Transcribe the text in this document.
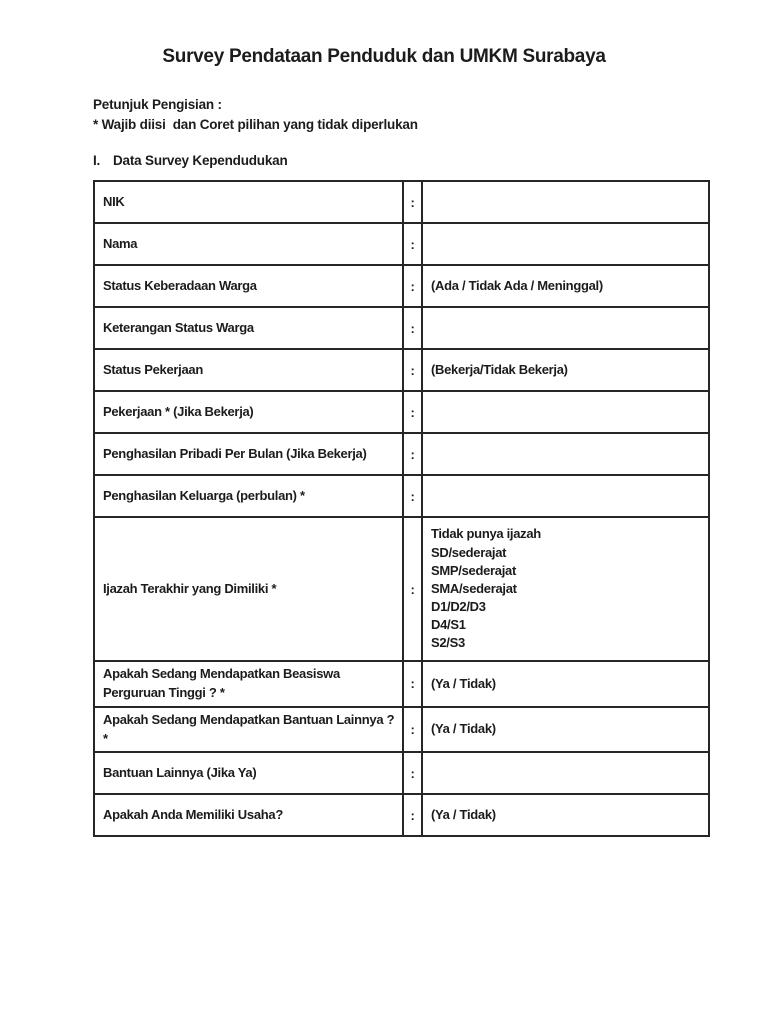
Survey Pendataan Penduduk dan UMKM Surabaya
Petunjuk Pengisian :
* Wajib diisi  dan Coret pilihan yang tidak diperlukan
I. Data Survey Kependudukan
NIK	:	
Nama	:	
Status Keberadaan Warga	:	(Ada / Tidak Ada / Meninggal)
Keterangan Status Warga	:	
Status Pekerjaan	:	(Bekerja/Tidak Bekerja)
Pekerjaan * (Jika Bekerja)	:	
Penghasilan Pribadi Per Bulan (Jika Bekerja)	:	
Penghasilan Keluarga (perbulan) *	:	
Ijazah Terakhir yang Dimiliki *	:	
Tidak punya ijazah
SD/sederajat
SMP/sederajat
SMA/sederajat
D1/D2/D3
D4/S1
S2/S3

Apakah Sedang Mendapatkan Beasiswa Perguruan Tinggi ? *	:	(Ya / Tidak)
Apakah Sedang Mendapatkan Bantuan Lainnya ? *	:	(Ya / Tidak)
Bantuan Lainnya (Jika Ya)	:	
Apakah Anda Memiliki Usaha?	:	(Ya / Tidak)
